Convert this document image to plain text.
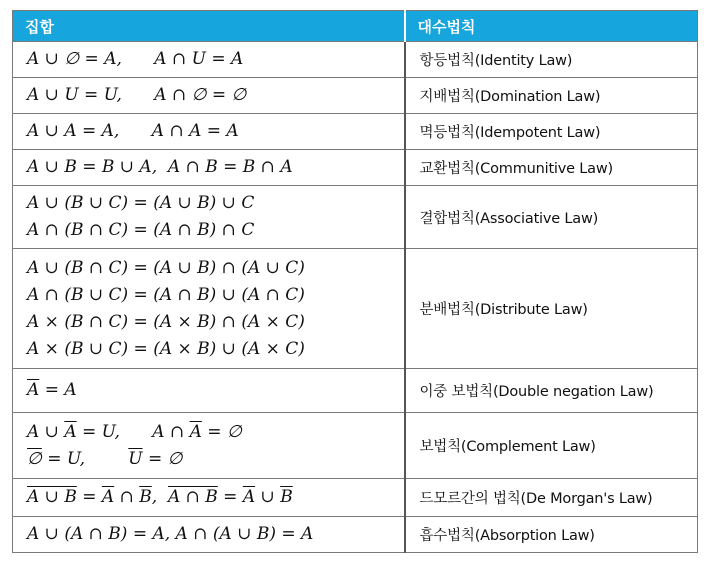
집합	대수법칙

A ∪ ∅ = A,      A ∩ U = A	항등법칙(Identity Law)

A ∪ U = U,      A ∩ ∅ = ∅	지배법칙(Domination Law)

A ∪ A = A,      A ∩ A = A	멱등법칙(Idempotent Law)

A ∪ B = B ∪ A,  A ∩ B = B ∩ A	교환법칙(Communitive Law)

A ∪ (B ∪ C) = (A ∪ B) ∪ C
A ∩ (B ∩ C) = (A ∩ B) ∩ C	결합법칙(Associative Law)

A ∪ (B ∩ C) = (A ∪ B) ∩ (A ∪ C)
A ∩ (B ∪ C) = (A ∩ B) ∪ (A ∩ C)
A × (B ∩ C) = (A × B) ∩ (A × C)
A × (B ∪ C) = (A × B) ∪ (A × C)	분배법칙(Distribute Law)

$\overline{A} = A$	이중 보법칙(Double negation Law)

A ∪ $\overline{A} = U$,      A ∩ $\overline{A}$ = ∅
∅ = U,        $\overline{U}$ = ∅	보법칙(Complement Law)

A ∪ $B = \overline{A}$ ∩ $\overline{B}$,  A ∩ $B = \overline{A}$ ∪ $\overline{B}$	드모르간의 법칙(De Morgan's Law)

A ∪ (A ∩ B) = A, A ∩ (A ∪ B) = A	흡수법칙(Absorption Law)
